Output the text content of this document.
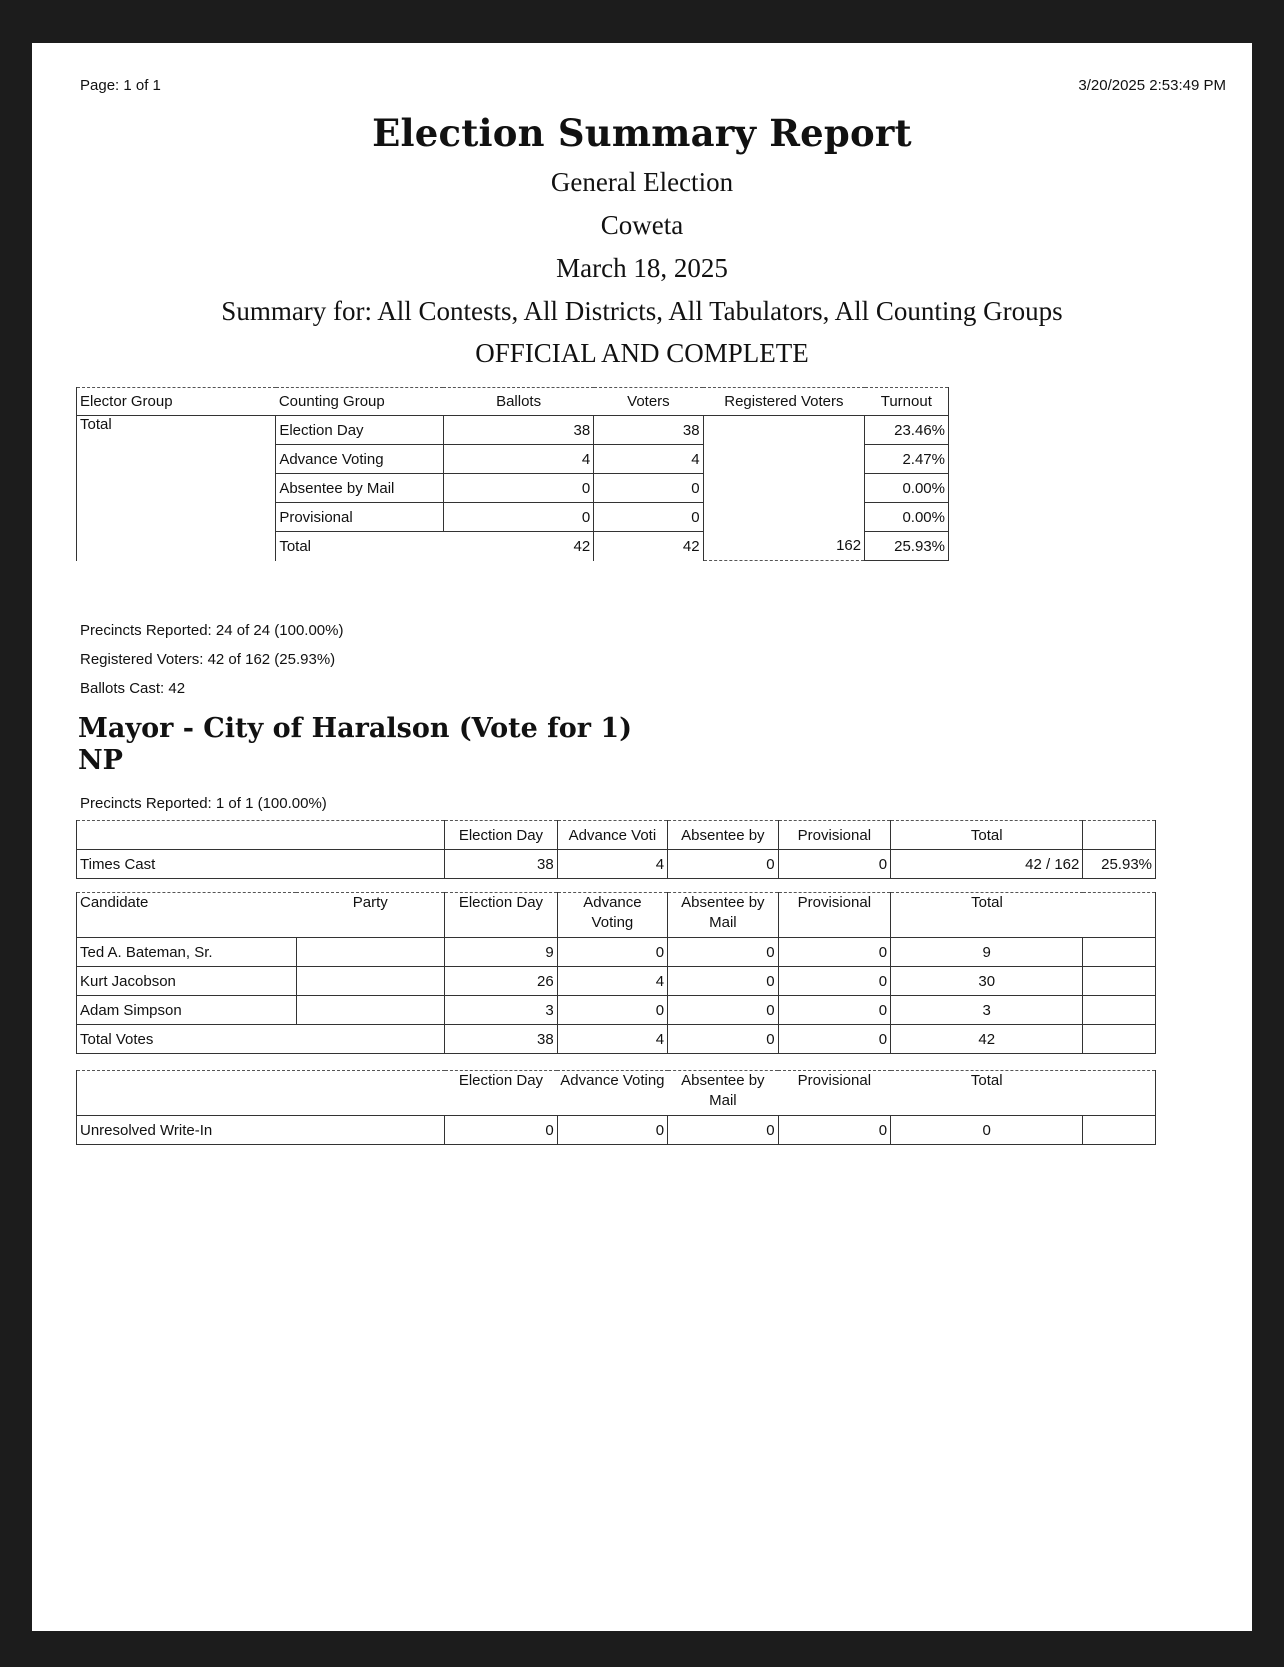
Page: 1 of 1	3/20/2025 2:53:49 PM
Election Summary Report
General Election
Coweta
March 18, 2025
Summary for: All Contests, All Districts, All Tabulators, All Counting Groups
OFFICIAL AND COMPLETE
Elector Group	Counting Group	Ballots	Voters	Registered Voters	Turnout
Total	Election Day	38	38		23.46%
	Advance Voting	4	4		2.47%
	Absentee by Mail	0	0		0.00%
	Provisional	0	0		0.00%
	Total	42	42	162	25.93%
Precincts Reported: 24 of 24 (100.00%)
Registered Voters: 42 of 162 (25.93%)
Ballots Cast: 42
Mayor - City of Haralson (Vote for 1)
NP
Precincts Reported: 1 of 1 (100.00%)
	Election Day	Advance Voti	Absentee by	Provisional	Total	
Times Cast	38	4	0	0	42 / 162	25.93%
Candidate	Party	Election Day	Advance Voting	Absentee by Mail	Provisional	Total	
Ted A. Bateman, Sr.		9	0	0	0	9	
Kurt Jacobson		26	4	0	0	30	
Adam Simpson		3	0	0	0	3	
Total Votes		38	4	0	0	42	
	Election Day	Advance Voting	Absentee by Mail	Provisional	Total	
Unresolved Write-In	0	0	0	0	0	
